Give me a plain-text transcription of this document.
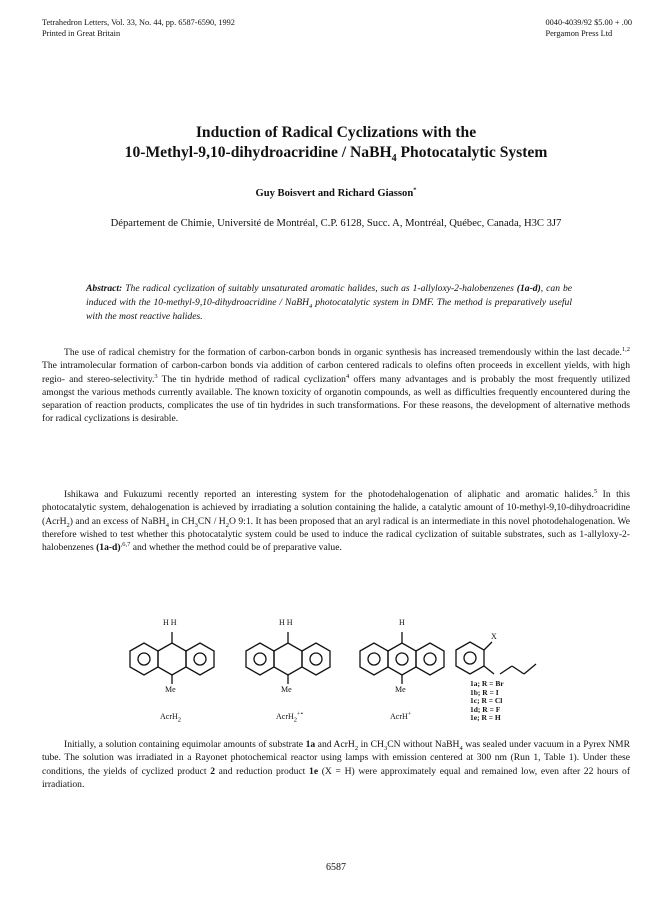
Tetrahedron Letters, Vol. 33, No. 44, pp. 6587-6590, 1992
Printed in Great Britain
0040-4039/92 $5.00 + .00
Pergamon Press Ltd
Induction of Radical Cyclizations with the
10-Methyl-9,10-dihydroacridine / NaBH$_4$ Photocatalytic System
Guy Boisvert and Richard Giasson*
Département de Chimie, Université de Montréal, C.P. 6128, Succ. A, Montréal, Québec, Canada, H3C 3J7
Abstract: The radical cyclization of suitably unsaturated aromatic halides, such as 1-allyloxy-2-halobenzenes (1a-d), can be induced with the 10-methyl-9,10-dihydroacridine / NaBH$_4$ photocatalytic system in DMF. The method is preparatively useful with the most reactive halides.
The use of radical chemistry for the formation of carbon-carbon bonds in organic synthesis has increased tremendously within the last decade.$^{1,2}$ The intramolecular formation of carbon-carbon bonds via addition of carbon centered radicals to olefins often proceeds in excellent yields, with high regio- and stereo-selectivity.$^3$ The tin hydride method of radical cyclization$^4$ offers many advantages and is probably the most frequently utilized amongst the various methods currently available. The known toxicity of organotin compounds, as well as difficulties frequently encountered during the separation of reaction products, complicates the use of tin hydrides in such transformations. For these reasons, the development of alternative methods for radical cyclizations is desirable.
Ishikawa and Fukuzumi recently reported an interesting system for the photodehalogenation of aliphatic and aromatic halides.$^5$ In this photocatalytic system, dehalogenation is achieved by irradiating a solution containing the halide, a catalytic amount of 10-methyl-9,10-dihydroacridine (AcrH$_2$) and an excess of NaBH$_4$ in $CH_3CN / H_2O$ 9:1. It has been proposed that an aryl radical is an intermediate in this novel photodehalogenation. We therefore wished to test whether this photocatalytic system could be used to induce the radical cyclization of suitable substrates, such as 1-allyloxy-2-halobenzenes $(1a-d)^{,6,7}$ and whether the method could be of preparative value.
H H	H H	H
Me	Me	Me
X
AcrH$_2$	AcrH$_2$+•	AcrH+
1a; R = Br
1b; R = I
1c; R = Cl
1d; R = F
1e; R = H
Initially, a solution containing equimolar amounts of substrate 1a and AcrH$_2$ in $CH_3CN$ without NaBH$_4$ was sealed under vacuum in a Pyrex NMR tube. The solution was irradiated in a Rayonet photochemical reactor using lamps with emission centered at 300 nm (Run 1, Table 1). Under these conditions, the yields of cyclized product 2 and reduction product 1e (X = H) were approximately equal and remained low, even after 22 hours of irradiation.
6587
